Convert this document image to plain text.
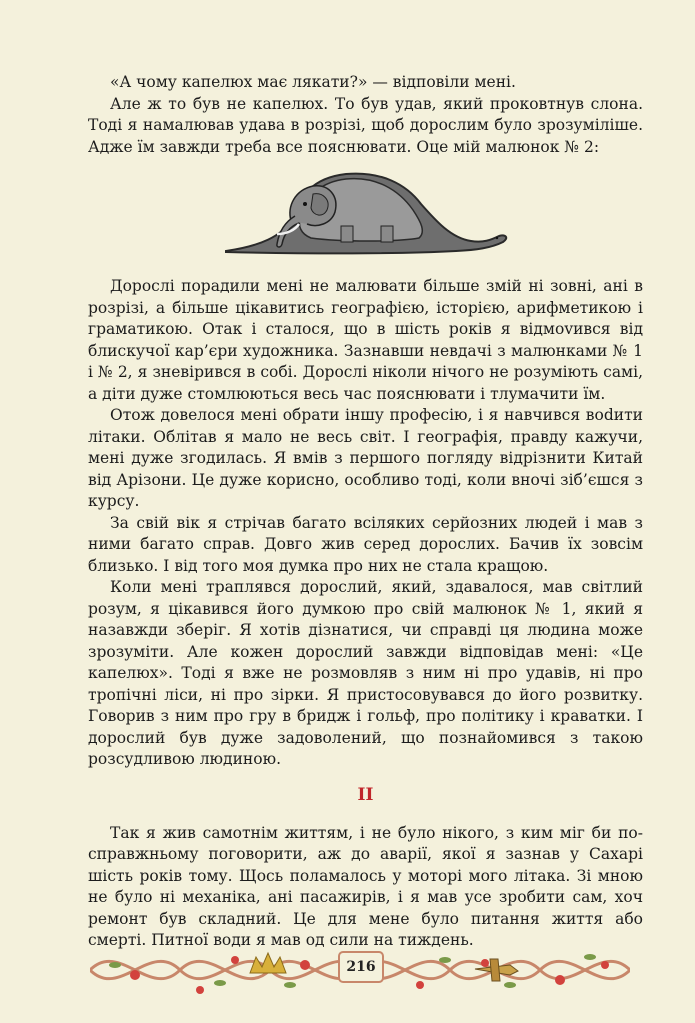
«А чому капелюх має лякати?» — відповіли мені.

Але ж то був не капелюх. То був удав, який проковтнув слона. Тоді я намалював удава в розрізі, щоб дорослим було зрозуміліше. Адже їм завжди треба все пояснювати. Оце мій малюнок № 2:

Дорослі порадили мені не малювати більше змій ні зовні, ані в розрізі, а більше цікавитись географією, історією, арифметикою і граматикою. Отак і сталося, що в шість років я відмоvився від блискучої кар’єри художника. Зазнавши невдачі з малюнками № 1 і № 2, я зневірився в собі. Дорослі ніколи нічого не розуміють самі, а діти дуже стомлюються весь час пояснювати і тлумачити їм.

Отож довелося мені обрати іншу професію, і я навчився воdити літаки. Облітав я мало не весь світ. І географія, правду кажучи, мені дуже згодилась. Я вмів з першого погляду відрізнити Китай від Арізони. Це дуже корисно, особливо тоді, коли вночі зіб’єшся з курсу.

За свій вік я стрічав багато всіляких серйозних людей і мав з ними багато справ. Довго жив серед дорослих. Бачив їх зовсім близько. І від того моя думка про них не стала кращою.

Коли мені траплявся дорослий, який, здавалося, мав світлий розум, я цікавився його думкою про свій малюнок № 1, який я назавжди зберіг. Я хотів дізнатися, чи справді ця людина може зрозуміти. Але кожен дорослий завжди відповідав мені: «Це капелюх». Тоді я вже не розмовляв з ним ні про удавів, ні про тропічні ліси, ні про зірки. Я пристосовувався до його розвитку. Говорив з ним про гру в бридж і гольф, про політику і краватки. І дорослий був дуже задоволений, що познайомився з такою розсудливою людиною.

II

Так я жив самотнім життям, і не було нікого, з ким міг би по-справжньому поговорити, аж до аварії, якої я зазнав у Сахарі шість років тому. Щось поламалось у моторі мого літака. Зі мною не було ні механіка, ані пасажирів, і я мав усе зробити сам, хоч ремонт був складний. Це для мене було питання життя або смерті. Питної води я мав од сили на тиждень.

216
